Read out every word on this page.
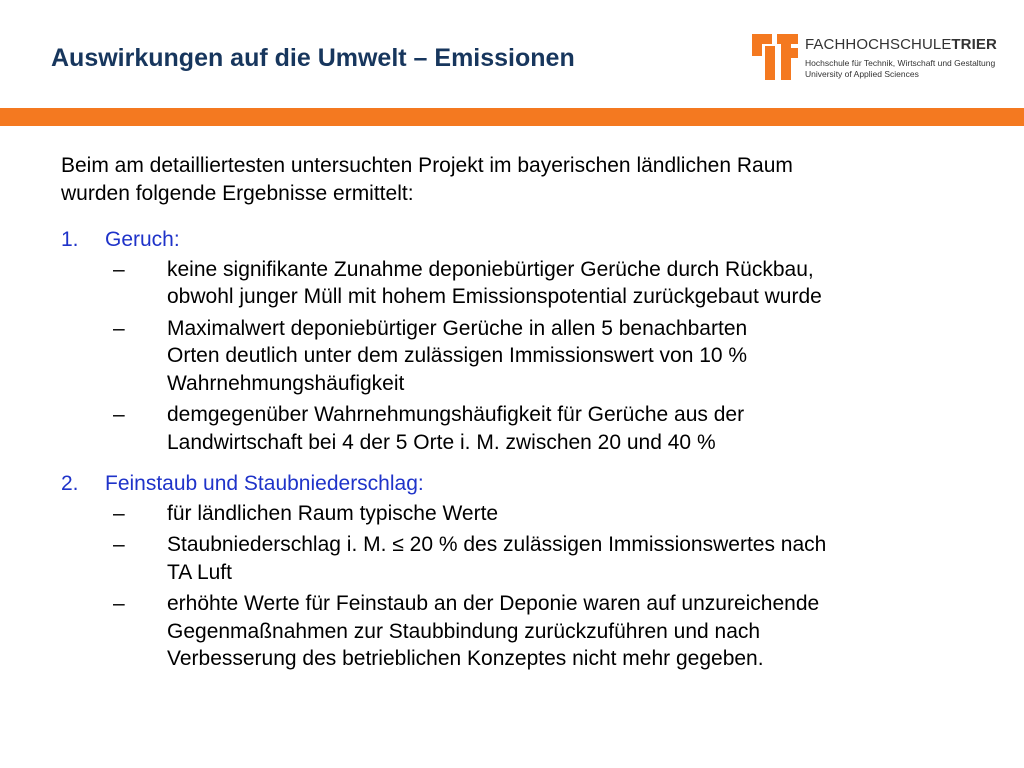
Auswirkungen auf die Umwelt – Emissionen	FACHHOCHSCHULETRIER
Hochschule für Technik, Wirtschaft und Gestaltung
University of Applied Sciences

Beim am detailliertesten untersuchten Projekt im bayerischen ländlichen Raum
wurden folgende Ergebnisse ermittelt:

1.	Geruch:
–	keine signifikante Zunahme deponiebürtiger Gerüche durch Rückbau,
obwohl junger Müll mit hohem Emissionspotential zurückgebaut wurde
–	Maximalwert deponiebürtiger Gerüche in allen 5 benachbarten
Orten deutlich unter dem zulässigen Immissionswert von 10 %
Wahrnehmungshäufigkeit
–	demgegenüber Wahrnehmungshäufigkeit für Gerüche aus der
Landwirtschaft bei 4 der 5 Orte i. M. zwischen 20 und 40 %
2.	Feinstaub und Staubniederschlag:
–	für ländlichen Raum typische Werte
–	Staubniederschlag i. M. ≤ 20 % des zulässigen Immissionswertes nach
TA Luft
–	erhöhte Werte für Feinstaub an der Deponie waren auf unzureichende
Gegenmaßnahmen zur Staubbindung zurückzuführen und nach
Verbesserung des betrieblichen Konzeptes nicht mehr gegeben.
